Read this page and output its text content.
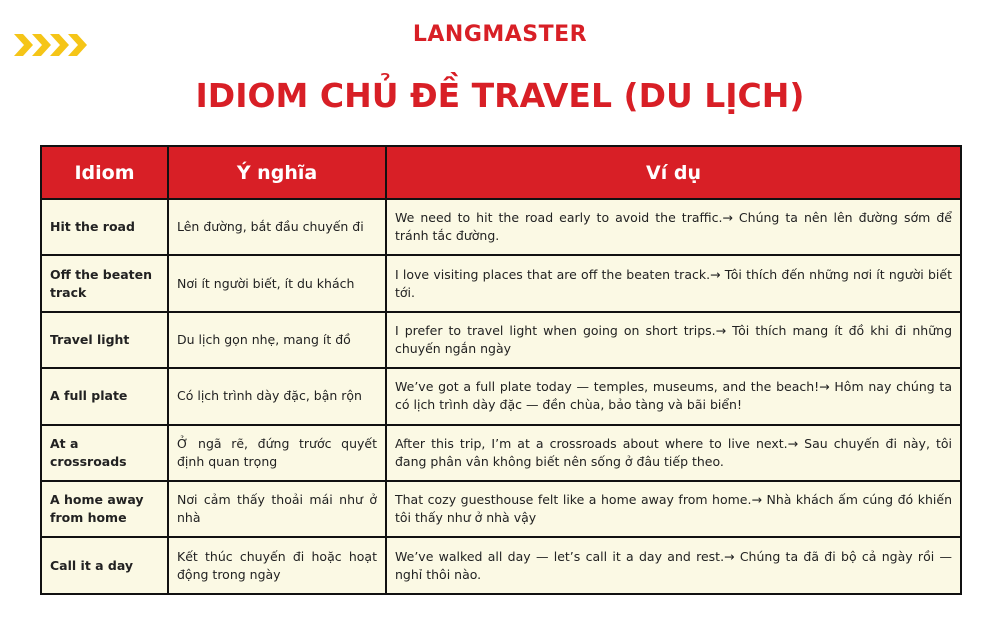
LANGMASTER
IDIOM CHỦ ĐỀ TRAVEL (DU LỊCH)
Idiom	Ý nghĩa	Ví dụ
Hit the road	Lên đường, bắt đầu chuyến đi	We need to hit the road early to avoid the traffic.→ Chúng ta nên lên đường sớm để tránh tắc đường.
Off the beaten track	Nơi ít người biết, ít du khách	I love visiting places that are off the beaten track.→ Tôi thích đến những nơi ít người biết tới.
Travel light	Du lịch gọn nhẹ, mang ít đồ	I prefer to travel light when going on short trips.→ Tôi thích mang ít đồ khi đi những chuyến ngắn ngày
A full plate	Có lịch trình dày đặc, bận rộn	We’ve got a full plate today — temples, museums, and the beach!→ Hôm nay chúng ta có lịch trình dày đặc — đền chùa, bảo tàng và bãi biển!
At a crossroads	Ở ngã rẽ, đứng trước quyết định quan trọng	After this trip, I’m at a crossroads about where to live next.→ Sau chuyến đi này, tôi đang phân vân không biết nên sống ở đâu tiếp theo.
A home away from home	Nơi cảm thấy thoải mái như ở nhà	That cozy guesthouse felt like a home away from home.→ Nhà khách ấm cúng đó khiến tôi thấy như ở nhà vậy
Call it a day	Kết thúc chuyến đi hoặc hoạt động trong ngày	We’ve walked all day — let’s call it a day and rest.→ Chúng ta đã đi bộ cả ngày rồi — nghỉ thôi nào.
